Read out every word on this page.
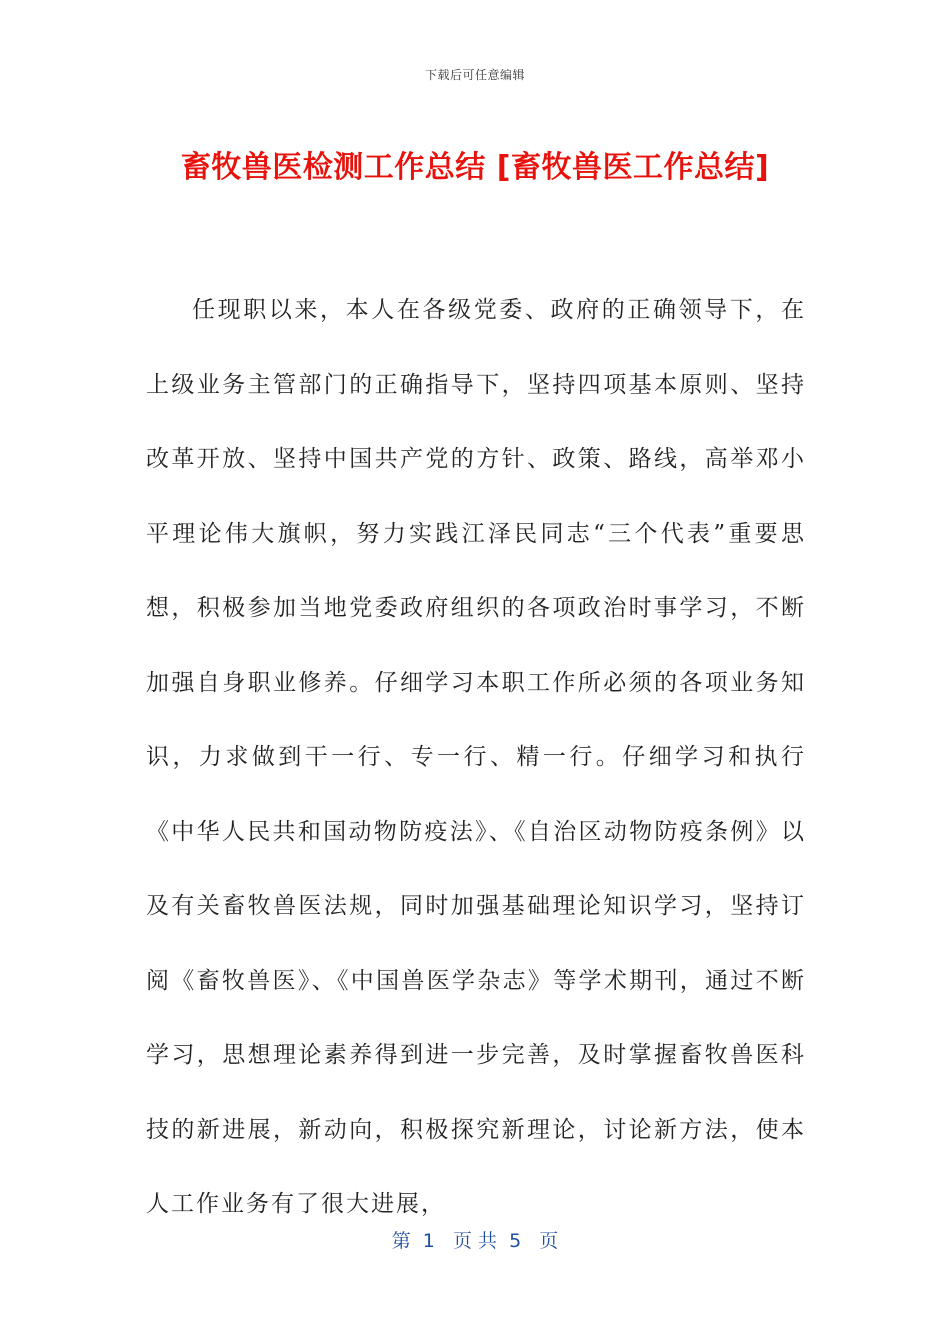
下载后可任意编辑
畜牧兽医检测工作总结 [畜牧兽医工作总结]

任现职以来，本人在各级党委、政府的正确领导下，在上级业务主管部门的正确指导下，坚持四项基本原则、坚持改革开放、坚持中国共产党的方针、政策、路线，高举邓小平理论伟大旗帜，努力实践江泽民同志“三个代表”重要思想，积极参加当地党委政府组织的各项政治时事学习，不断加强自身职业修养。仔细学习本职工作所必须的各项业务知识，力求做到干一行、专一行、精一行。仔细学习和执行《中华人民共和国动物防疫法》、《自治区动物防疫条例》以及有关畜牧兽医法规，同时加强基础理论知识学习，坚持订阅《畜牧兽医》、《中国兽医学杂志》等学术期刊，通过不断学习，思想理论素养得到进一步完善，及时掌握畜牧兽医科技的新进展，新动向，积极探究新理论，讨论新方法，使本人工作业务有了很大进展，

第  1   页 共  5   页
